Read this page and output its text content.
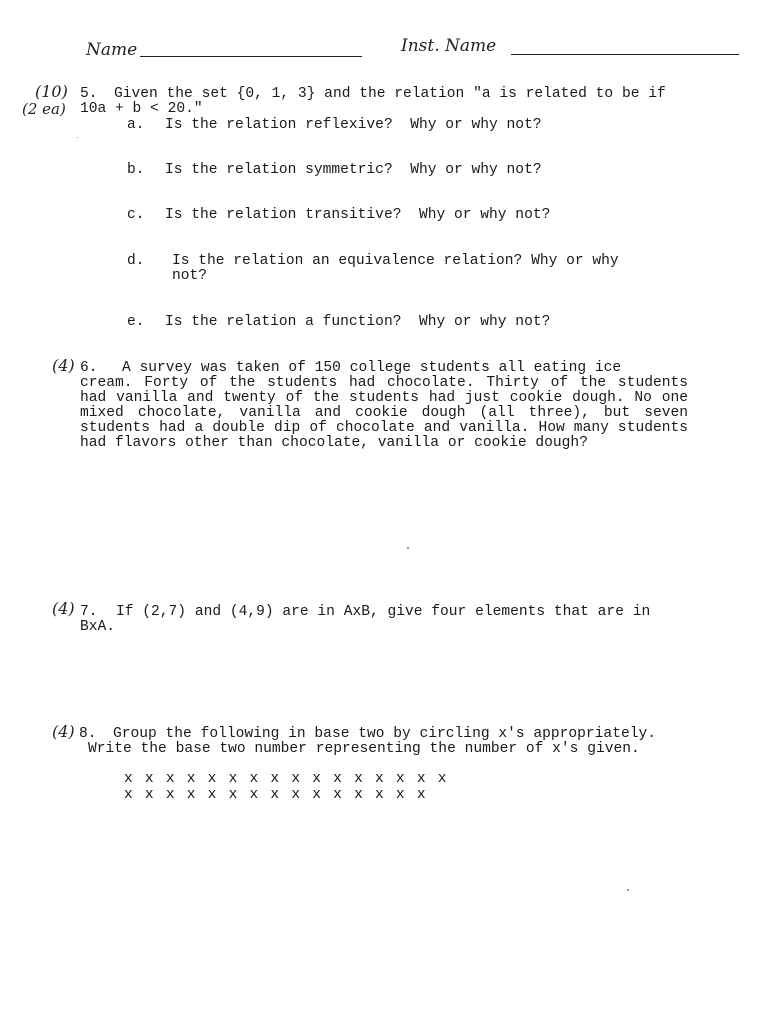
Name	Inst. Name
(10)
(2 ea)
5. Given the set {0, 1, 3} and the relation "a is related to be if
10a + b < 20."
a. Is the relation reflexive?  Why or why not?
b. Is the relation symmetric?  Why or why not?
c. Is the relation transitive?  Why or why not?
d. Is the relation an equivalence relation? Why or why
not?
e. Is the relation a function?  Why or why not?
(4) 6. A survey was taken of 150 college students all eating ice
cream. Forty of the students had chocolate. Thirty of the students had vanilla and twenty of the students had just cookie dough. No one mixed chocolate, vanilla and cookie dough (all three), but seven students had a double dip of chocolate and vanilla. How many students had flavors other than chocolate, vanilla or cookie dough?
(4) 7. If (2,7) and (4,9) are in AxB, give four elements that are in
BxA.
(4) 8. Group the following in base two by circling x's appropriately.
Write the base two number representing the number of x's given.
x x x x x x x x x x x x x x x x
x x x x x x x x x x x x x x x
